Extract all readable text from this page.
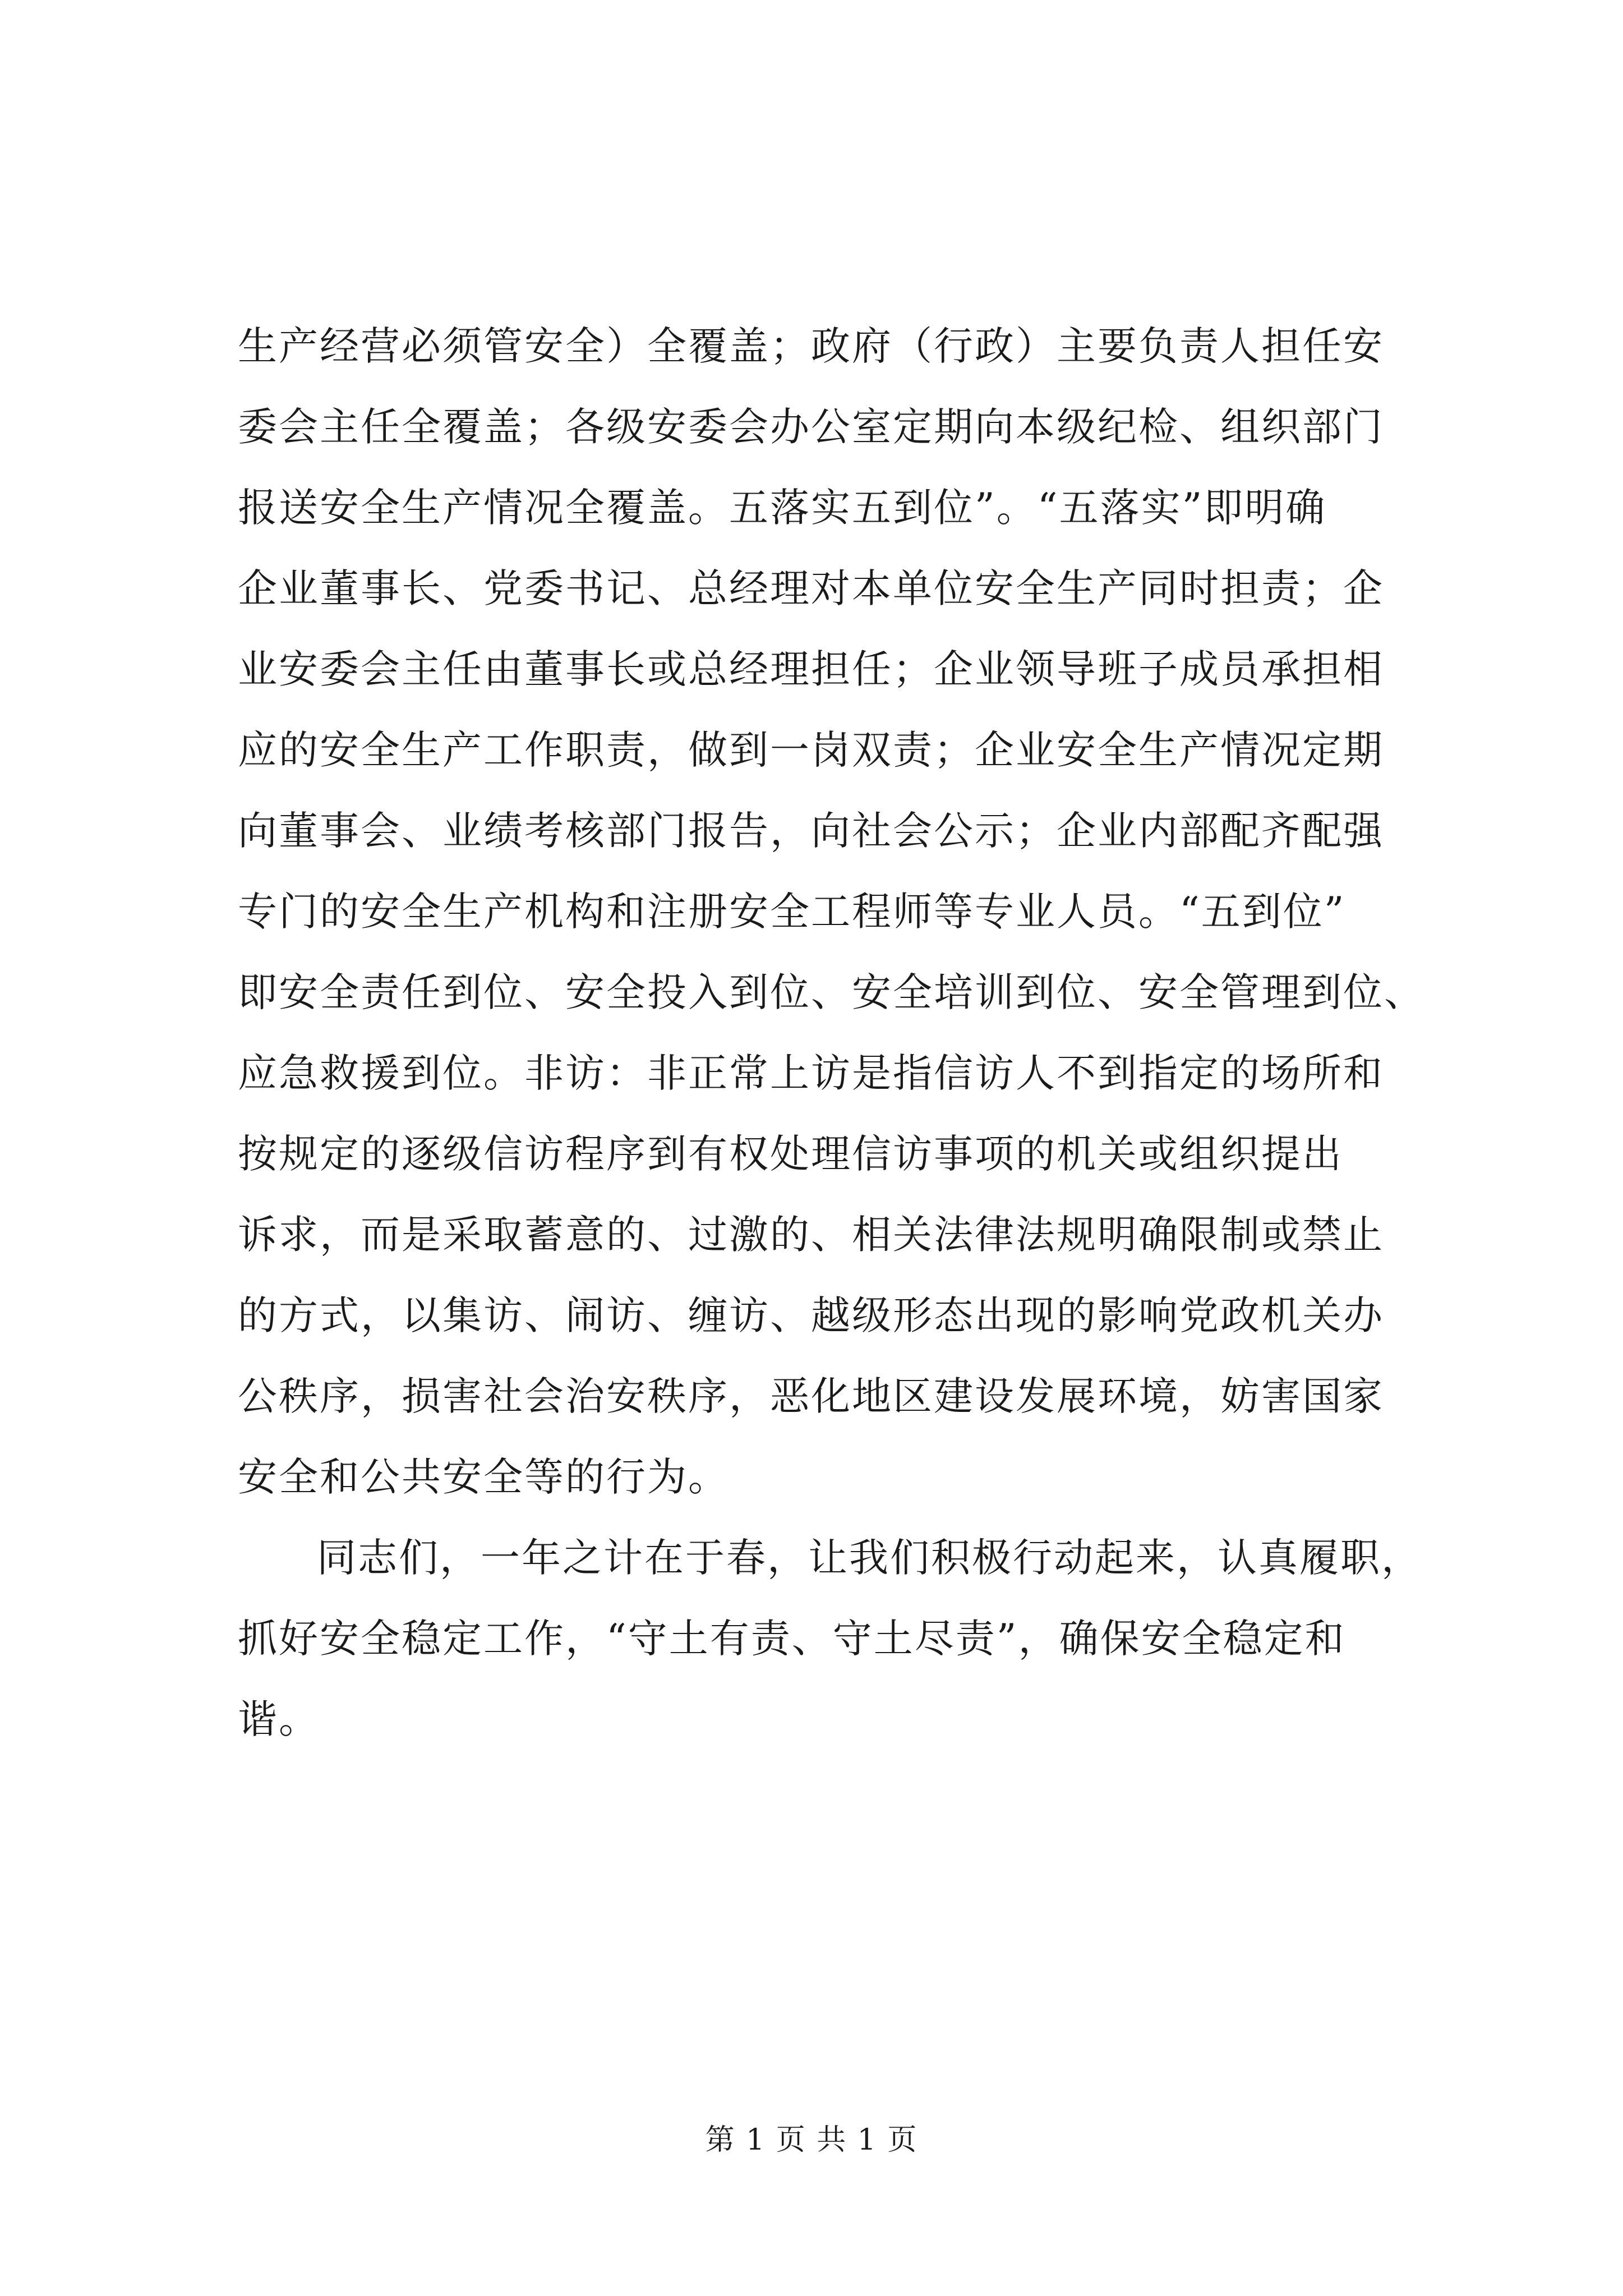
生产经营必须管安全）全覆盖；政府（行政）主要负责人担任安
委会主任全覆盖；各级安委会办公室定期向本级纪检、组织部门
报送安全生产情况全覆盖。五落实五到位”。“五落实”即明确
企业董事长、党委书记、总经理对本单位安全生产同时担责；企
业安委会主任由董事长或总经理担任；企业领导班子成员承担相
应的安全生产工作职责，做到一岗双责；企业安全生产情况定期
向董事会、业绩考核部门报告，向社会公示；企业内部配齐配强
专门的安全生产机构和注册安全工程师等专业人员。“五到位”
即安全责任到位、安全投入到位、安全培训到位、安全管理到位、
应急救援到位。非访：非正常上访是指信访人不到指定的场所和
按规定的逐级信访程序到有权处理信访事项的机关或组织提出
诉求，而是采取蓄意的、过激的、相关法律法规明确限制或禁止
的方式，以集访、闹访、缠访、越级形态出现的影响党政机关办
公秩序，损害社会治安秩序，恶化地区建设发展环境，妨害国家
安全和公共安全等的行为。
同志们，一年之计在于春，让我们积极行动起来，认真履职，
抓好安全稳定工作，“守土有责、守土尽责”，确保安全稳定和
谐。
第 1 页 共 1 页
